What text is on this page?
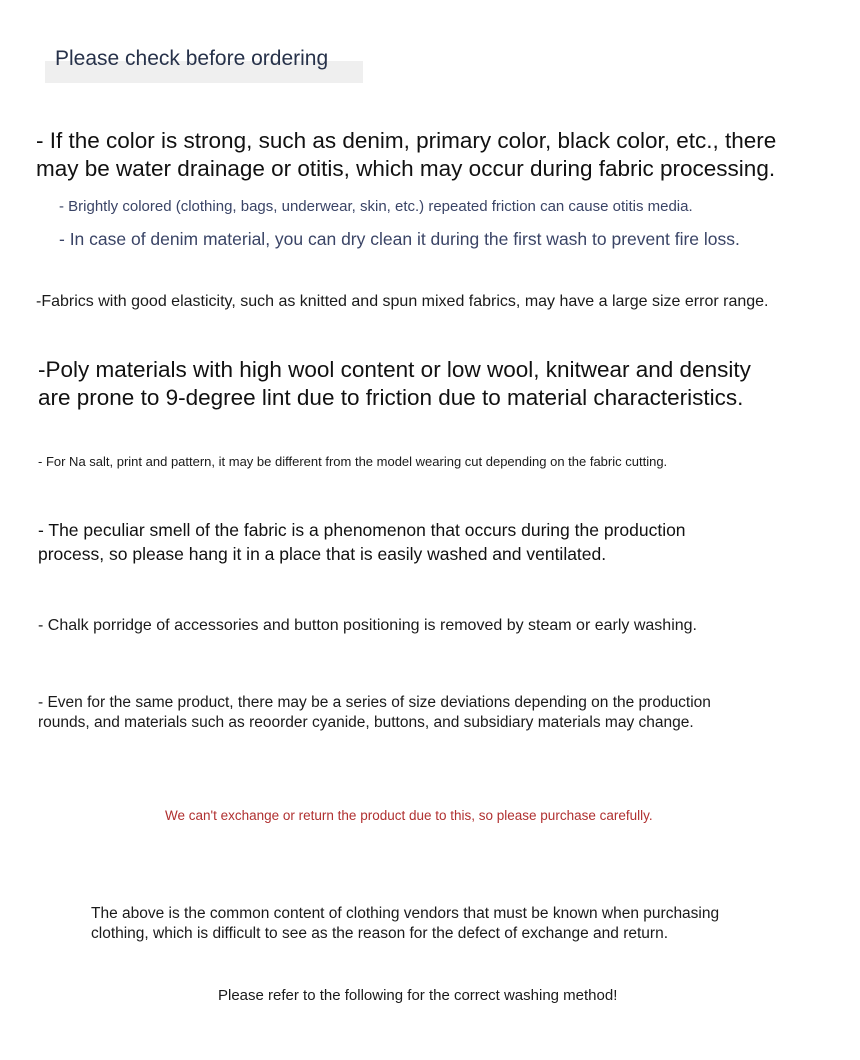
Please check before ordering
- If the color is strong, such as denim, primary color, black color, etc., there
may be water drainage or otitis, which may occur during fabric processing.
- Brightly colored (clothing, bags, underwear, skin, etc.) repeated friction can cause otitis media.
- In case of denim material, you can dry clean it during the first wash to prevent fire loss.
-Fabrics with good elasticity, such as knitted and spun mixed fabrics, may have a large size error range.
-Poly materials with high wool content or low wool, knitwear and density
are prone to 9-degree lint due to friction due to material characteristics.
- For Na salt, print and pattern, it may be different from the model wearing cut depending on the fabric cutting.
- The peculiar smell of the fabric is a phenomenon that occurs during the production
process, so please hang it in a place that is easily washed and ventilated.
- Chalk porridge of accessories and button positioning is removed by steam or early washing.
- Even for the same product, there may be a series of size deviations depending on the production
rounds, and materials such as reoorder cyanide, buttons, and subsidiary materials may change.
We can't exchange or return the product due to this, so please purchase carefully.
The above is the common content of clothing vendors that must be known when purchasing
clothing, which is difficult to see as the reason for the defect of exchange and return.
Please refer to the following for the correct washing method!
